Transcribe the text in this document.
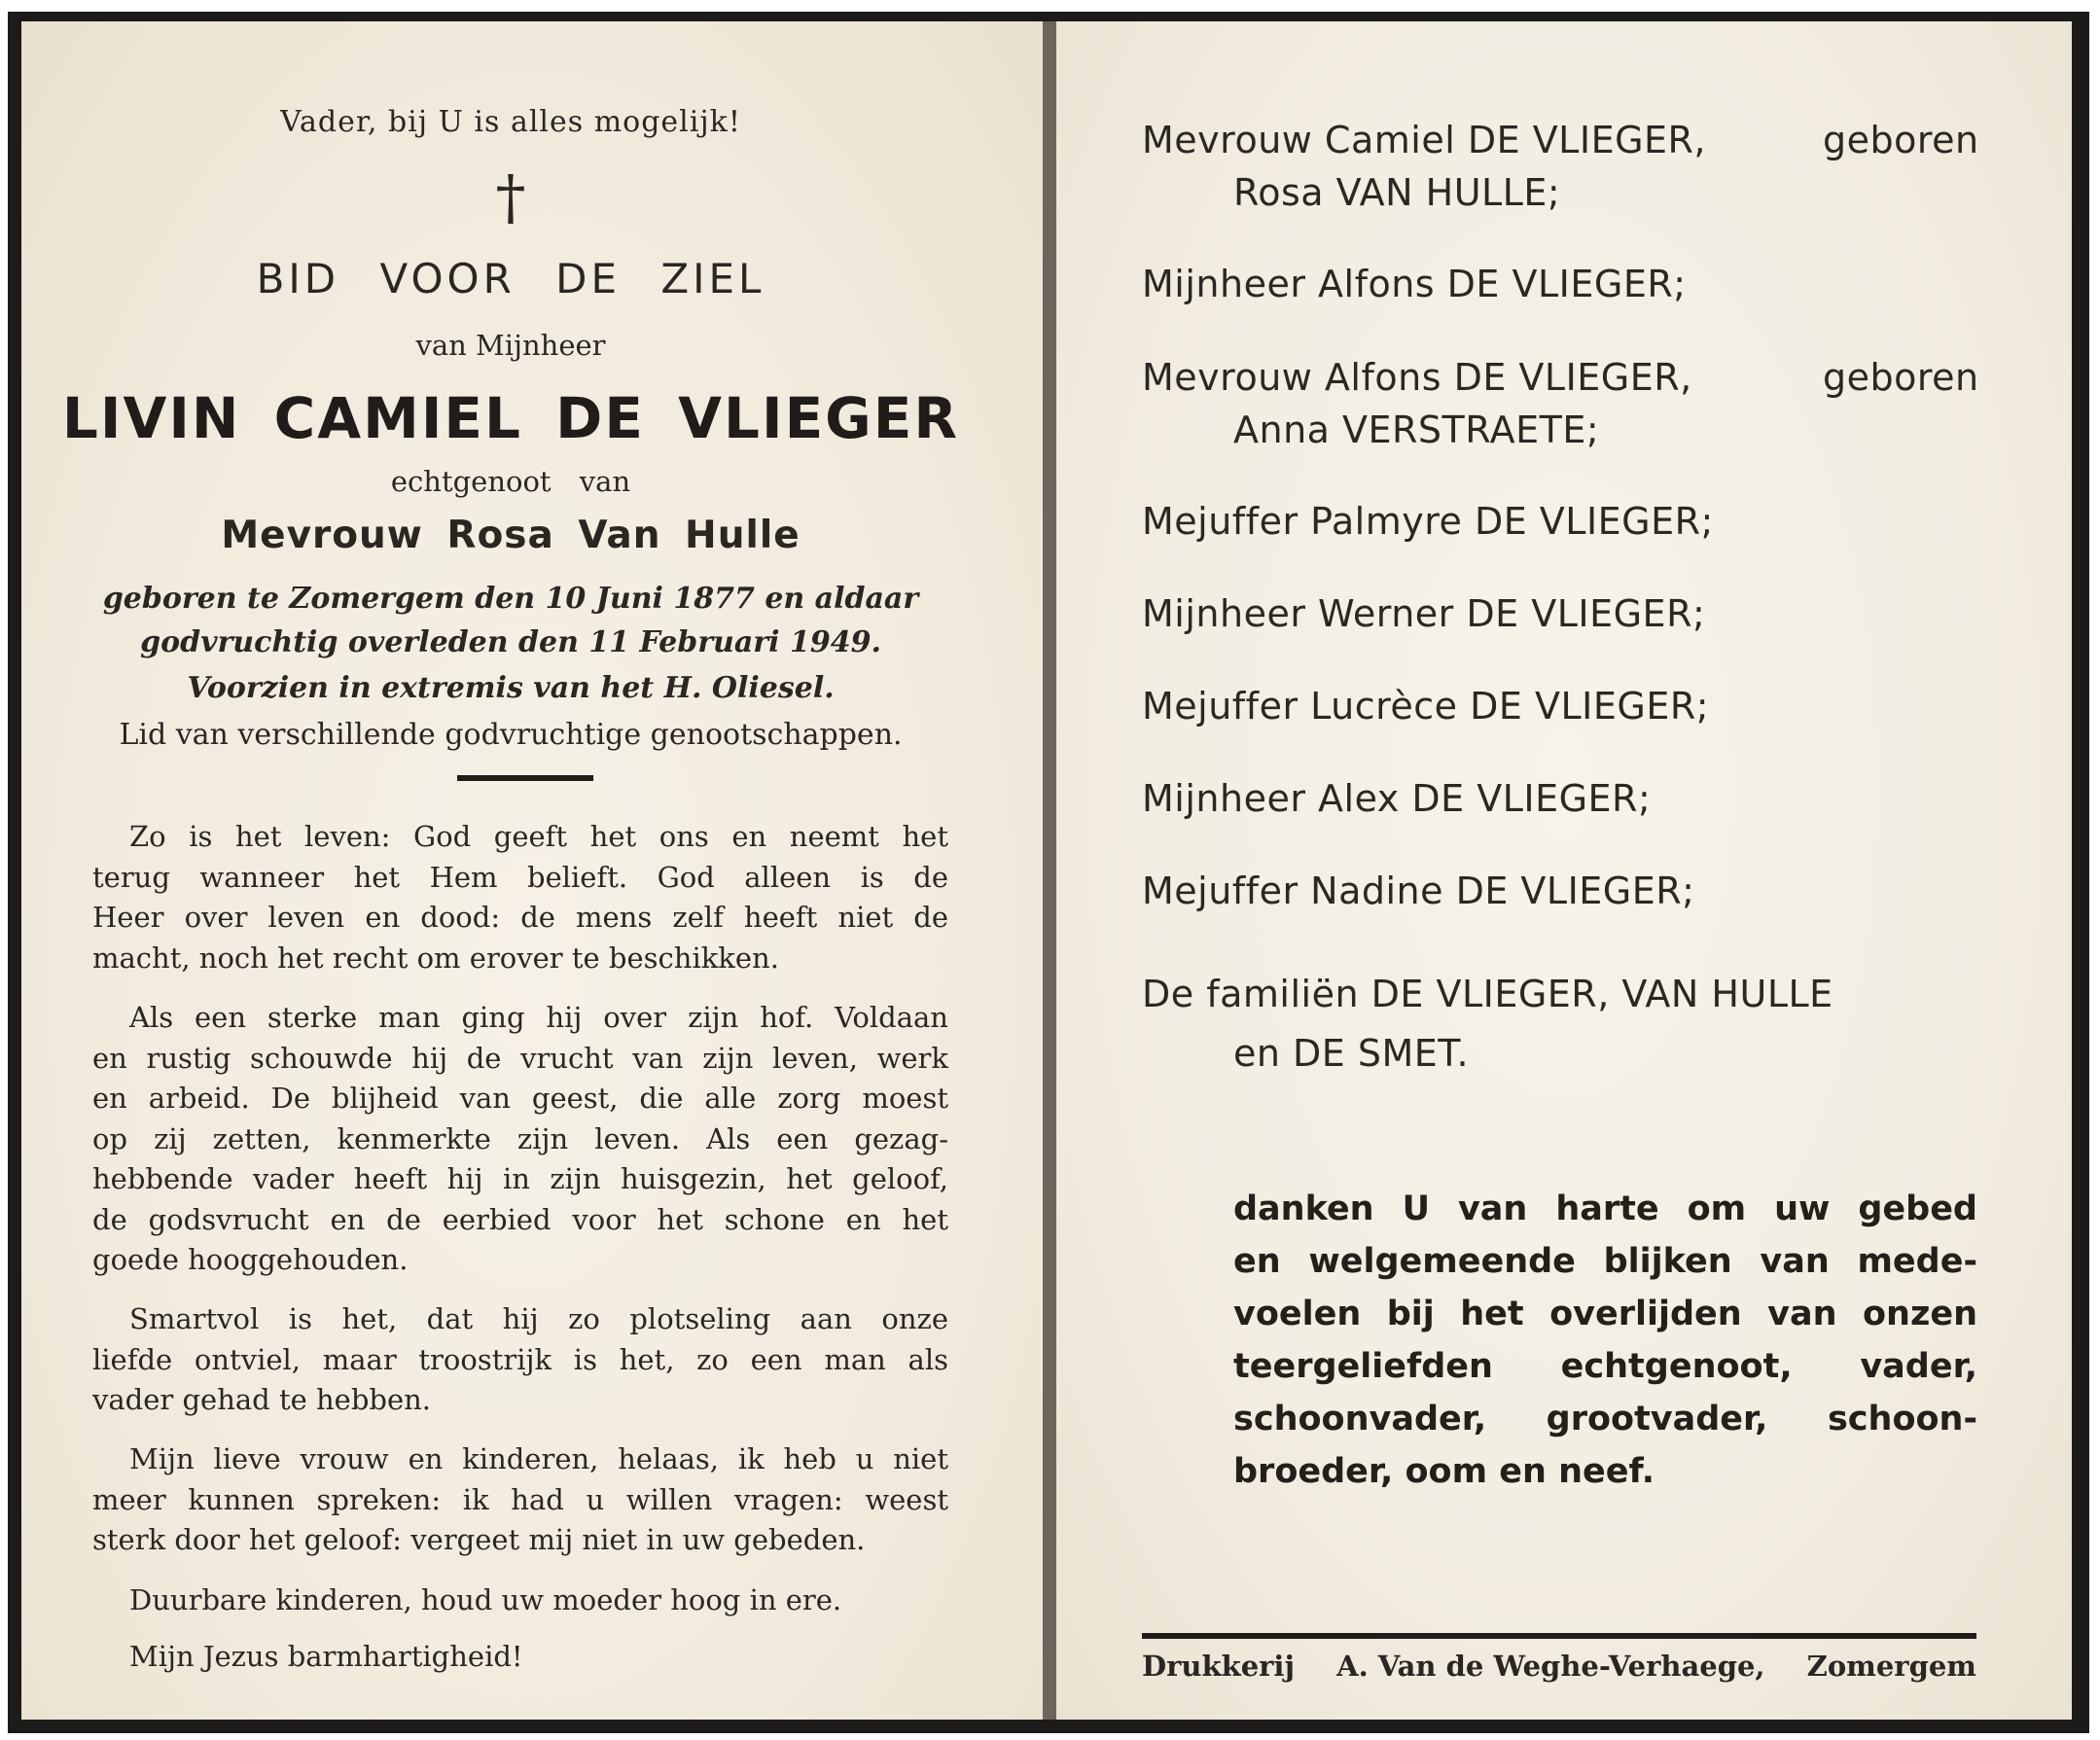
Vader, bij U is alles mogelijk!
†
BID VOOR DE ZIEL
van Mijnheer
LIVIN CAMIEL DE VLIEGER
echtgenoot van
Mevrouw Rosa Van Hulle
geboren te Zomergem den 10 Juni 1877 en aldaar
godvruchtig overleden den 11 Februari 1949.
Voorzien in extremis van het H. Oliesel.
Lid van verschillende godvruchtige genootschappen.
Zo is het leven: God geeft het ons en neemt het
terug wanneer het Hem belieft. God alleen is de
Heer over leven en dood: de mens zelf heeft niet de
macht, noch het recht om erover te beschikken.
Als een sterke man ging hij over zijn hof. Voldaan
en rustig schouwde hij de vrucht van zijn leven, werk
en arbeid. De blijheid van geest, die alle zorg moest
op zij zetten, kenmerkte zijn leven. Als een gezag-
hebbende vader heeft hij in zijn huisgezin, het geloof,
de godsvrucht en de eerbied voor het schone en het
goede hooggehouden.
Smartvol is het, dat hij zo plotseling aan onze
liefde ontviel, maar troostrijk is het, zo een man als
vader gehad te hebben.
Mijn lieve vrouw en kinderen, helaas, ik heb u niet
meer kunnen spreken: ik had u willen vragen: weest
sterk door het geloof: vergeet mij niet in uw gebeden.
Duurbare kinderen, houd uw moeder hoog in ere.
Mijn Jezus barmhartigheid!
Mevrouw Camiel DE VLIEGER,	geboren
Rosa VAN HULLE;
Mijnheer Alfons DE VLIEGER;
Mevrouw Alfons DE VLIEGER,	geboren
Anna VERSTRAETE;
Mejuffer Palmyre DE VLIEGER;
Mijnheer Werner DE VLIEGER;
Mejuffer Lucrèce DE VLIEGER;
Mijnheer Alex DE VLIEGER;
Mejuffer Nadine DE VLIEGER;
De familiën DE VLIEGER, VAN HULLE
en DE SMET.
danken U van harte om uw gebed
en welgemeende blijken van mede-
voelen bij het overlijden van onzen
teergeliefden echtgenoot, vader,
schoonvader, grootvader, schoon-
broeder, oom en neef.
Drukkerij A. Van de Weghe-Verhaege, Zomergem
